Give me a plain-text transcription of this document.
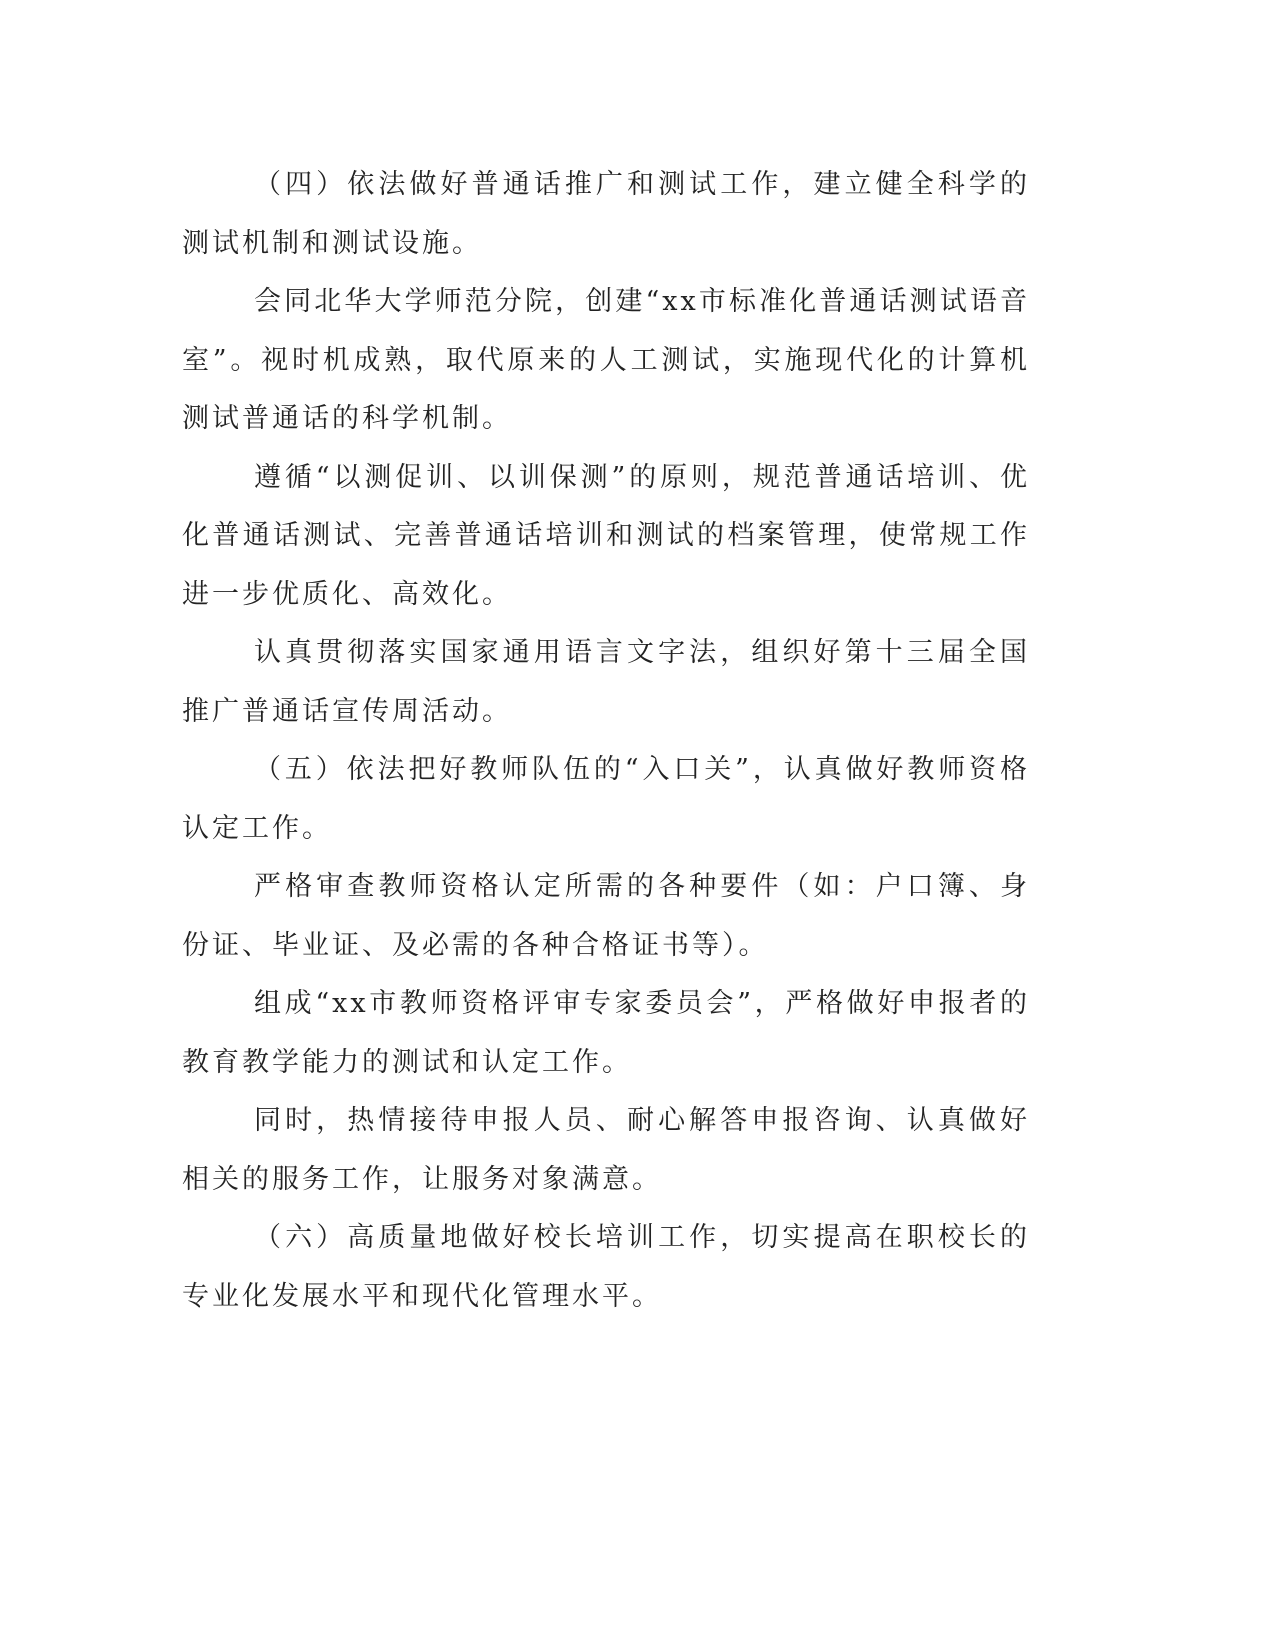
（四）依法做好普通话推广和测试工作，建立健全科学的测试机制和测试设施。

会同北华大学师范分院，创建“xx市标准化普通话测试语音室”。视时机成熟，取代原来的人工测试，实施现代化的计算机测试普通话的科学机制。

遵循“以测促训、以训保测”的原则，规范普通话培训、优化普通话测试、完善普通话培训和测试的档案管理，使常规工作进一步优质化、高效化。

认真贯彻落实国家通用语言文字法，组织好第十三届全国推广普通话宣传周活动。

（五）依法把好教师队伍的“入口关”，认真做好教师资格认定工作。

严格审查教师资格认定所需的各种要件（如：户口簿、身份证、毕业证、及必需的各种合格证书等）。

组成“xx市教师资格评审专家委员会”，严格做好申报者的教育教学能力的测试和认定工作。

同时，热情接待申报人员、耐心解答申报咨询、认真做好相关的服务工作，让服务对象满意。

（六）高质量地做好校长培训工作，切实提高在职校长的专业化发展水平和现代化管理水平。
